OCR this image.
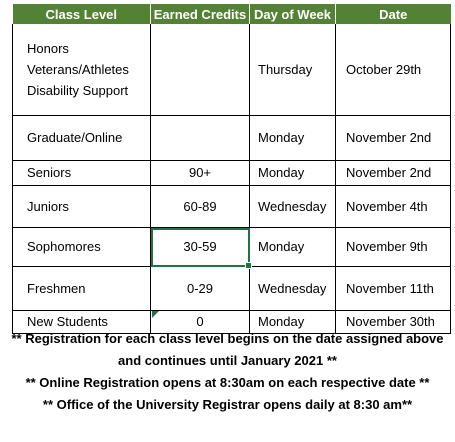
Class Level	Earned Credits	Day of Week	Date

Honors
Veterans/Athletes
Disability Support		Thursday	October 29th
Graduate/Online		Monday	November 2nd
Seniors	90+	Monday	November 2nd
Juniors	60-89	Wednesday	November 4th
Sophomores	30-59	Monday	November 9th
Freshmen	0-29	Wednesday	November 11th
New Students	0	Monday	November 30th

** Registration for each class level begins on the date assigned above

and continues until January 2021 **

** Online Registration opens at 8:30am on each respective date **

** Office of the University Registrar opens daily at 8:30 am**
